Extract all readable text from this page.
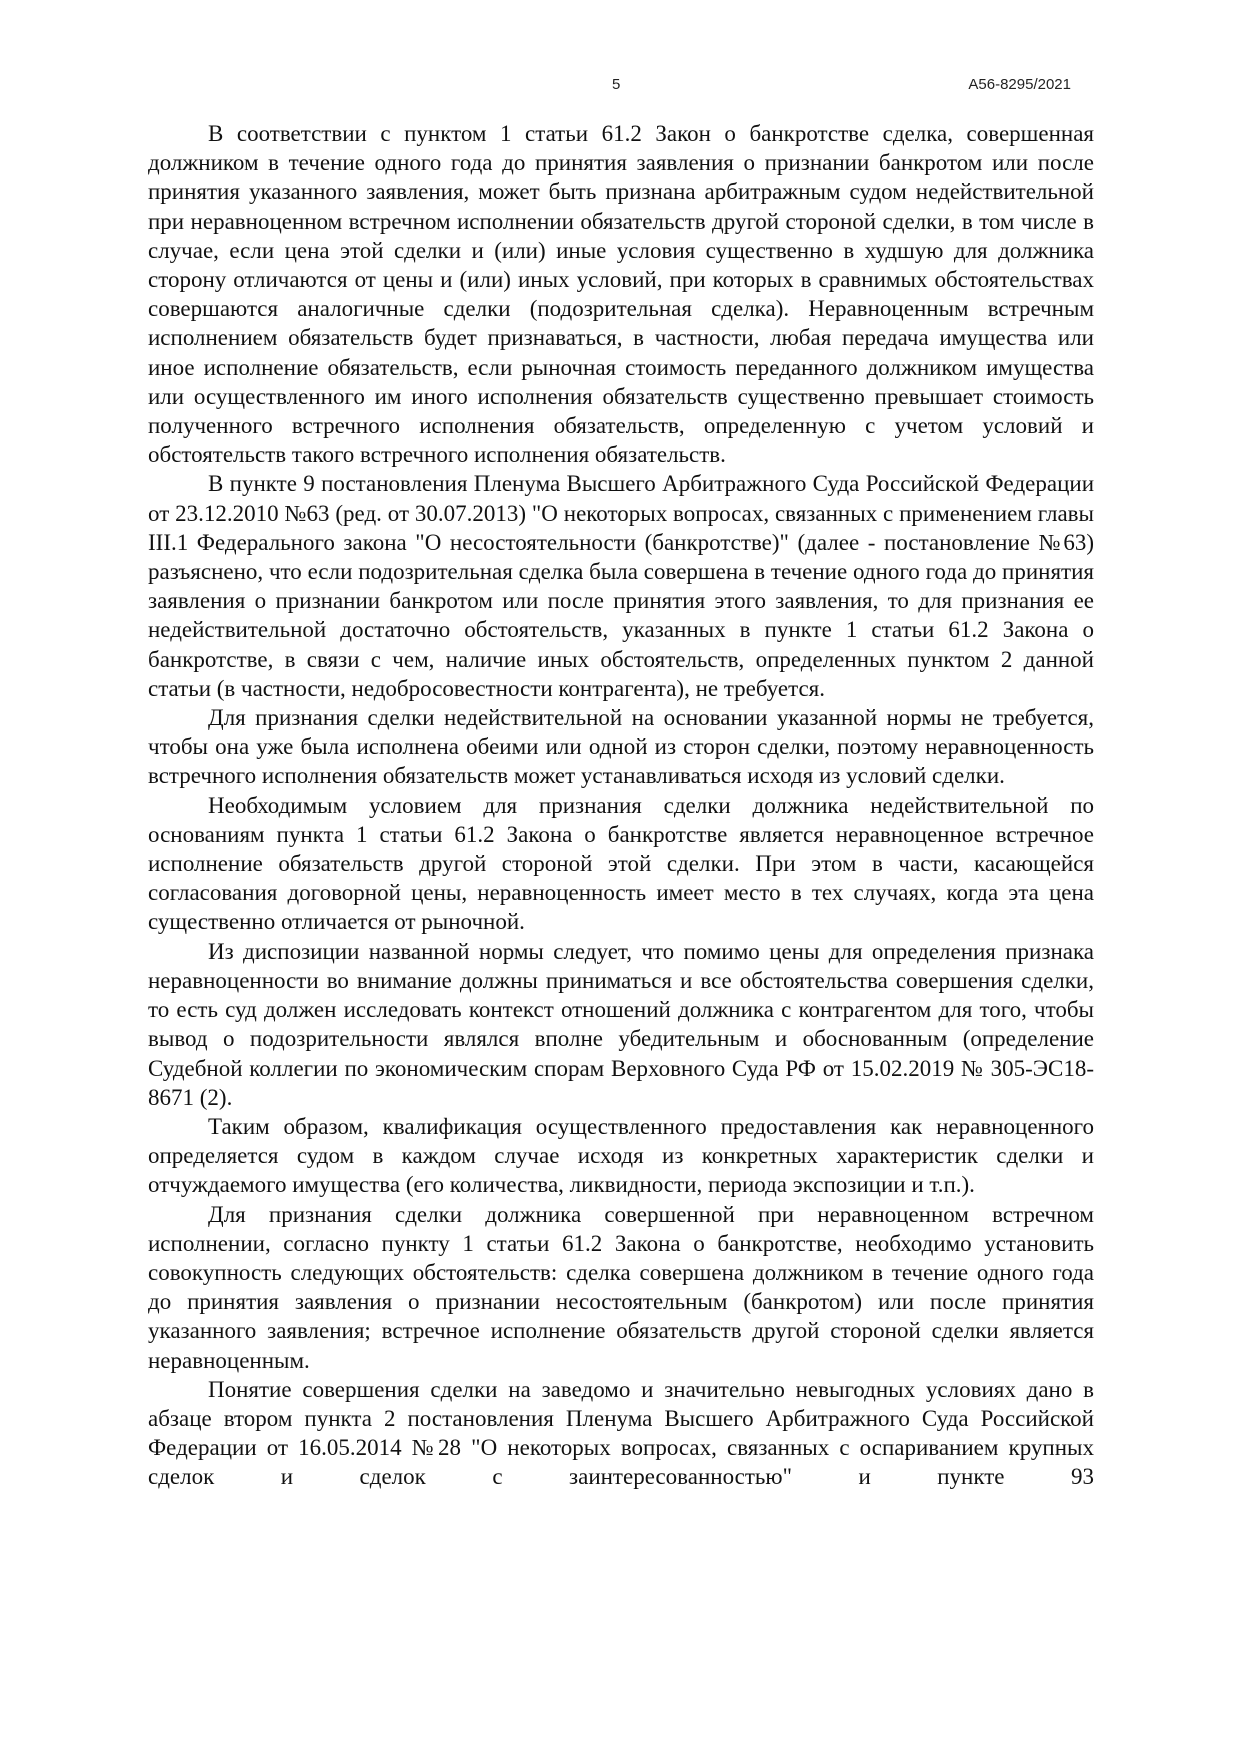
5	А56-8295/2021

В соответствии с пунктом 1 статьи 61.2 Закон о банкротстве сделка, совершенная должником в течение одного года до принятия заявления о признании банкротом или после принятия указанного заявления, может быть признана арбитражным судом недействительной при неравноценном встречном исполнении обязательств другой стороной сделки, в том числе в случае, если цена этой сделки и (или) иные условия существенно в худшую для должника сторону отличаются от цены и (или) иных условий, при которых в сравнимых обстоятельствах совершаются аналогичные сделки (подозрительная сделка). Неравноценным встречным исполнением обязательств будет признаваться, в частности, любая передача имущества или иное исполнение обязательств, если рыночная стоимость переданного должником имущества или осуществленного им иного исполнения обязательств существенно превышает стоимость полученного встречного исполнения обязательств, определенную с учетом условий и обстоятельств такого встречного исполнения обязательств.

В пункте 9 постановления Пленума Высшего Арбитражного Суда Российской Федерации от 23.12.2010 №63 (ред. от 30.07.2013) "О некоторых вопросах, связанных с применением главы III.1 Федерального закона "О несостоятельности (банкротстве)" (далее - постановление №63) разъяснено, что если подозрительная сделка была совершена в течение одного года до принятия заявления о признании банкротом или после принятия этого заявления, то для признания ее недействительной достаточно обстоятельств, указанных в пункте 1 статьи 61.2 Закона о банкротстве, в связи с чем, наличие иных обстоятельств, определенных пунктом 2 данной статьи (в частности, недобросовестности контрагента), не требуется.

Для признания сделки недействительной на основании указанной нормы не требуется, чтобы она уже была исполнена обеими или одной из сторон сделки, поэтому неравноценность встречного исполнения обязательств может устанавливаться исходя из условий сделки.

Необходимым условием для признания сделки должника недействительной по основаниям пункта 1 статьи 61.2 Закона о банкротстве является неравноценное встречное исполнение обязательств другой стороной этой сделки. При этом в части, касающейся согласования договорной цены, неравноценность имеет место в тех случаях, когда эта цена существенно отличается от рыночной.

Из диспозиции названной нормы следует, что помимо цены для определения признака неравноценности во внимание должны приниматься и все обстоятельства совершения сделки, то есть суд должен исследовать контекст отношений должника с контрагентом для того, чтобы вывод о подозрительности являлся вполне убедительным и обоснованным (определение Судебной коллегии по экономическим спорам Верховного Суда РФ от 15.02.2019 № 305-ЭС18-8671 (2).

Таким образом, квалификация осуществленного предоставления как неравноценного определяется судом в каждом случае исходя из конкретных характеристик сделки и отчуждаемого имущества (его количества, ликвидности, периода экспозиции и т.п.).

Для признания сделки должника совершенной при неравноценном встречном исполнении, согласно пункту 1 статьи 61.2 Закона о банкротстве, необходимо установить совокупность следующих обстоятельств: сделка совершена должником в течение одного года до принятия заявления о признании несостоятельным (банкротом) или после принятия указанного заявления; встречное исполнение обязательств другой стороной сделки является неравноценным.

Понятие совершения сделки на заведомо и значительно невыгодных условиях дано в абзаце втором пункта 2 постановления Пленума Высшего Арбитражного Суда Российской Федерации от 16.05.2014 №28 "О некоторых вопросах, связанных с оспариванием крупных сделок и сделок с заинтересованностью" и пункте 93
